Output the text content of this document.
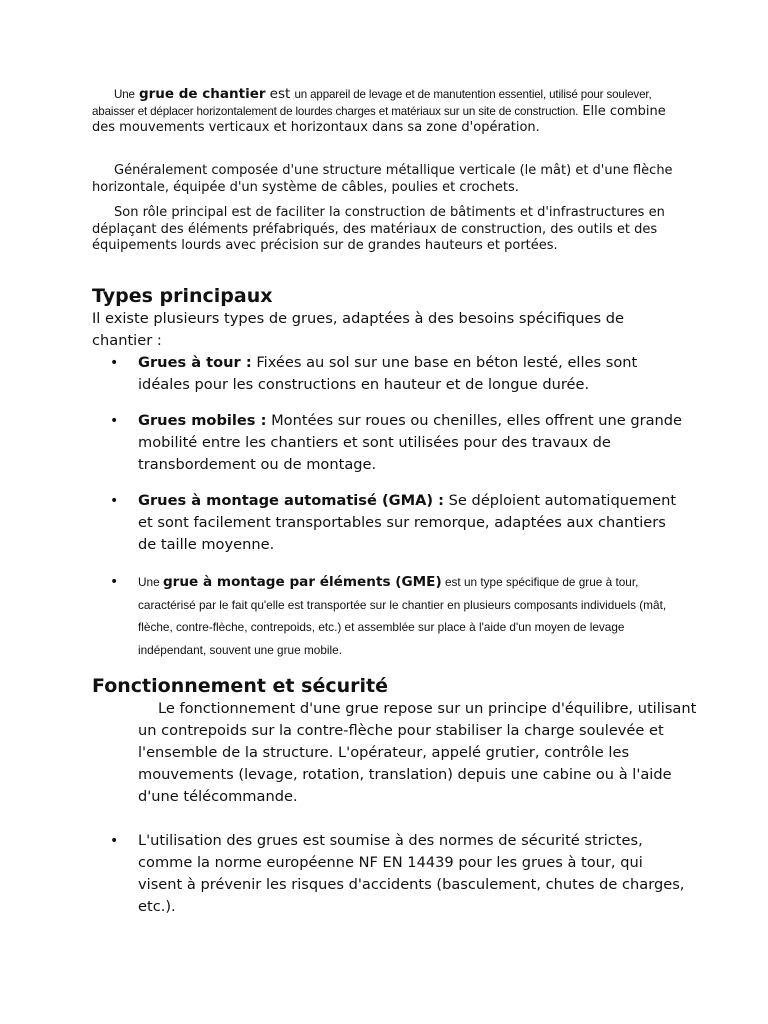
Une grue de chantier est un appareil de levage et de manutention essentiel, utilisé pour soulever, abaisser et déplacer horizontalement de lourdes charges et matériaux sur un site de construction. Elle combine des mouvements verticaux et horizontaux dans sa zone d'opération.

Généralement composée d'une structure métallique verticale (le mât) et d'une flèche horizontale, équipée d'un système de câbles, poulies et crochets.

Son rôle principal est de faciliter la construction de bâtiments et d'infrastructures en déplaçant des éléments préfabriqués, des matériaux de construction, des outils et des équipements lourds avec précision sur de grandes hauteurs et portées.

Types principaux

Il existe plusieurs types de grues, adaptées à des besoins spécifiques de chantier :

• Grues à tour : Fixées au sol sur une base en béton lesté, elles sont idéales pour les constructions en hauteur et de longue durée.
• Grues mobiles : Montées sur roues ou chenilles, elles offrent une grande mobilité entre les chantiers et sont utilisées pour des travaux de transbordement ou de montage.
• Grues à montage automatisé (GMA) : Se déploient automatiquement et sont facilement transportables sur remorque, adaptées aux chantiers de taille moyenne.
• Une grue à montage par éléments (GME) est un type spécifique de grue à tour, caractérisé par le fait qu'elle est transportée sur le chantier en plusieurs composants individuels (mât, flèche, contre-flèche, contrepoids, etc.) et assemblée sur place à l'aide d'un moyen de levage indépendant, souvent une grue mobile.
Fonctionnement et sécurité

Le fonctionnement d'une grue repose sur un principe d'équilibre, utilisant un contrepoids sur la contre-flèche pour stabiliser la charge soulevée et l'ensemble de la structure. L'opérateur, appelé grutier, contrôle les mouvements (levage, rotation, translation) depuis une cabine ou à l'aide d'une télécommande.

• L'utilisation des grues est soumise à des normes de sécurité strictes, comme la norme européenne NF EN 14439 pour les grues à tour, qui visent à prévenir les risques d'accidents (basculement, chutes de charges, etc.).
